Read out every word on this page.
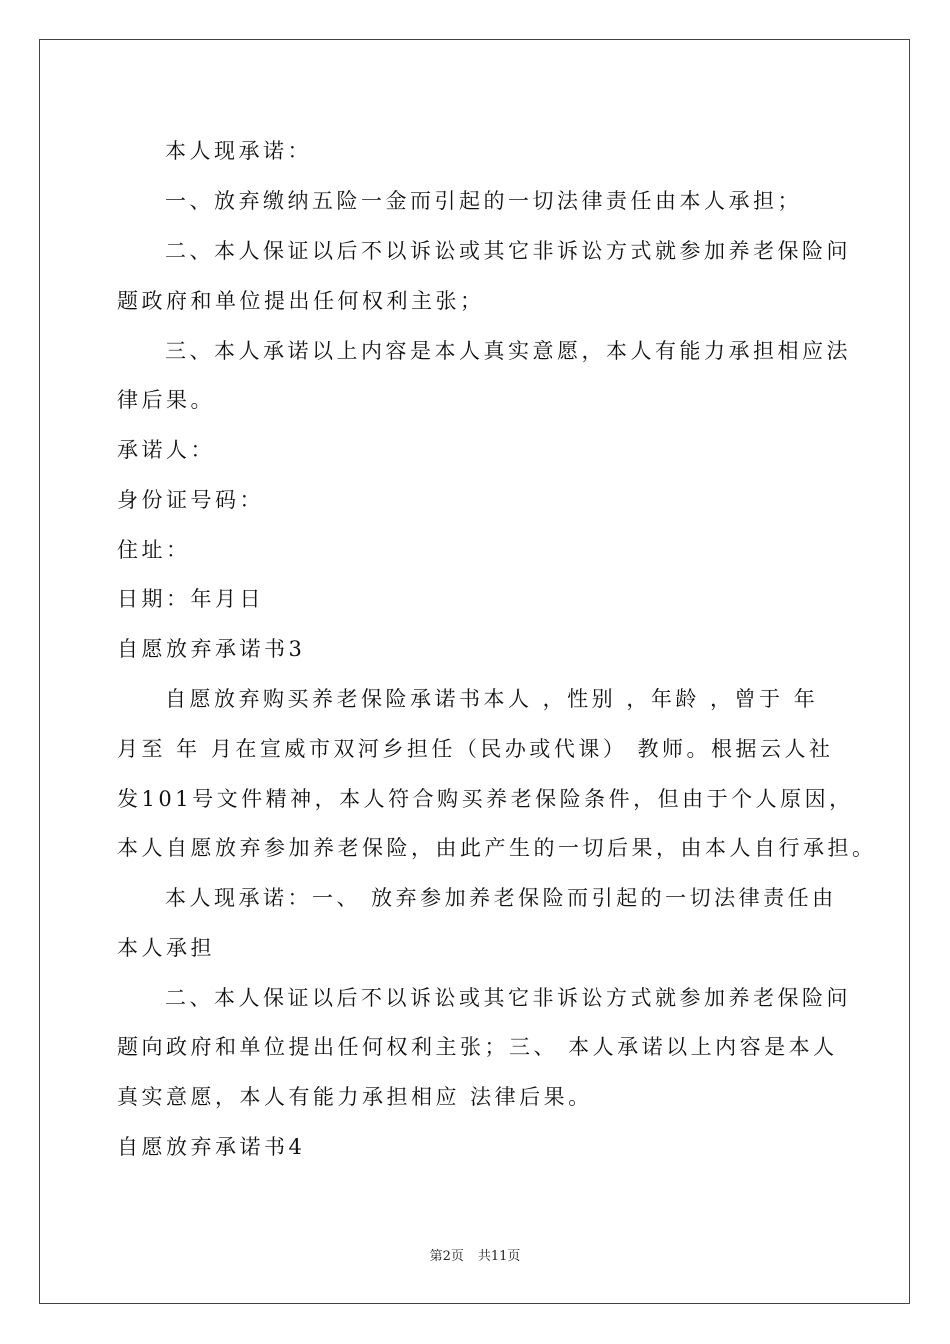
本人现承诺：
一、放弃缴纳五险一金而引起的一切法律责任由本人承担；
二、本人保证以后不以诉讼或其它非诉讼方式就参加养老保险问
题政府和单位提出任何权利主张；
三、本人承诺以上内容是本人真实意愿，本人有能力承担相应法
律后果。
承诺人：
身份证号码：
住址：
日期：年月日
自愿放弃承诺书3
自愿放弃购买养老保险承诺书本人 ，性别 ，年龄 ，曾于 年
月至 年 月在宣威市双河乡担任（民办或代课） 教师。根据云人社
发101号文件精神，本人符合购买养老保险条件，但由于个人原因，
本人自愿放弃参加养老保险，由此产生的一切后果，由本人自行承担。
本人现承诺：一、 放弃参加养老保险而引起的一切法律责任由
本人承担
二、本人保证以后不以诉讼或其它非诉讼方式就参加养老保险问
题向政府和单位提出任何权利主张；三、 本人承诺以上内容是本人
真实意愿，本人有能力承担相应 法律后果。
自愿放弃承诺书4
第2页 共11页
